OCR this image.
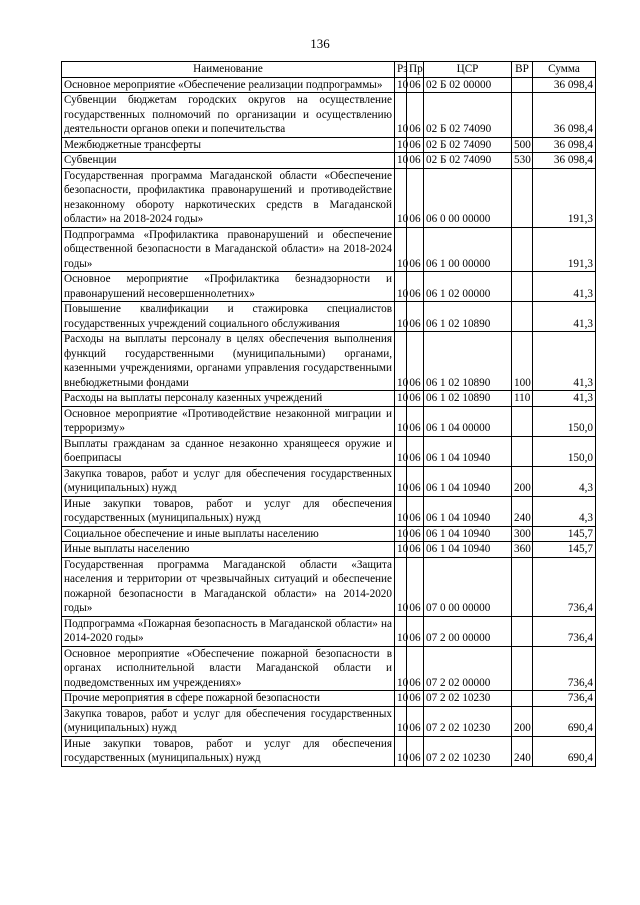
136
Наименование	Рз	Пр	ЦСР	ВР	Сумма
Основное мероприятие «Обеспечение реализации подпрограммы»	10	06	02 Б 02 00000		36 098,4
Субвенции бюджетам городских округов на осуществление государственных полномочий по организации и осуществлению деятельности органов опеки и попечительства	10	06	02 Б 02 74090		36 098,4
Межбюджетные трансферты	10	06	02 Б 02 74090	500	36 098,4
Субвенции	10	06	02 Б 02 74090	530	36 098,4
Государственная программа Магаданской области «Обеспечение безопасности, профилактика правонарушений и противодействие незаконному обороту наркотических средств в Магаданской области» на 2018-2024 годы»	10	06	06 0 00 00000		191,3
Подпрограмма «Профилактика правонарушений и обеспечение общественной безопасности в Магаданской области» на 2018-2024 годы»	10	06	06 1 00 00000		191,3
Основное мероприятие «Профилактика безнадзорности и правонарушений несовершеннолетних»	10	06	06 1 02 00000		41,3
Повышение квалификации и стажировка специалистов государственных учреждений социального обслуживания	10	06	06 1 02 10890		41,3
Расходы на выплаты персоналу в целях обеспечения выполнения функций государственными (муниципальными) органами, казенными учреждениями, органами управления государственными внебюджетными фондами	10	06	06 1 02 10890	100	41,3
Расходы на выплаты персоналу казенных учреждений	10	06	06 1 02 10890	110	41,3
Основное мероприятие «Противодействие незаконной миграции и терроризму»	10	06	06 1 04 00000		150,0
Выплаты гражданам за сданное незаконно хранящееся оружие и боеприпасы	10	06	06 1 04 10940		150,0
Закупка товаров, работ и услуг для обеспечения государственных (муниципальных) нужд	10	06	06 1 04 10940	200	4,3
Иные закупки товаров, работ и услуг для обеспечения государственных (муниципальных) нужд	10	06	06 1 04 10940	240	4,3
Социальное обеспечение и иные выплаты населению	10	06	06 1 04 10940	300	145,7
Иные выплаты населению	10	06	06 1 04 10940	360	145,7
Государственная программа Магаданской области «Защита населения и территории от чрезвычайных ситуаций и обеспечение пожарной безопасности в Магаданской области» на 2014-2020 годы»	10	06	07 0 00 00000		736,4
Подпрограмма «Пожарная безопасность в Магаданской области» на 2014-2020 годы»	10	06	07 2 00 00000		736,4
Основное мероприятие «Обеспечение пожарной безопасности в органах исполнительной власти Магаданской области и подведомственных им учреждениях»	10	06	07 2 02 00000		736,4
Прочие мероприятия в сфере пожарной безопасности	10	06	07 2 02 10230		736,4
Закупка товаров, работ и услуг для обеспечения государственных (муниципальных) нужд	10	06	07 2 02 10230	200	690,4
Иные закупки товаров, работ и услуг для обеспечения государственных (муниципальных) нужд	10	06	07 2 02 10230	240	690,4
